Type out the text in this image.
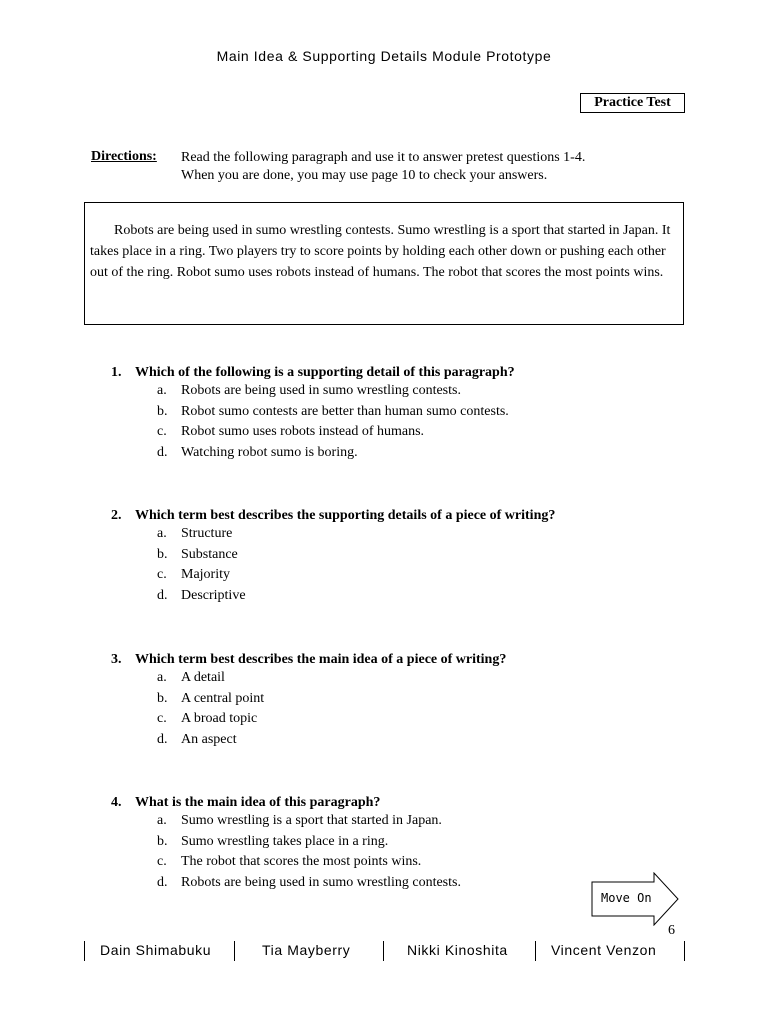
Main Idea & Supporting Details Module Prototype
Practice Test
Directions: Read the following paragraph and use it to answer pretest questions 1-4.
When you are done, you may use page 10 to check your answers.
Robots are being used in sumo wrestling contests. Sumo wrestling is a sport that started in Japan. It takes place in a ring. Two players try to score points by holding each other down or pushing each other out of the ring. Robot sumo uses robots instead of humans. The robot that scores the most points wins.
1. Which of the following is a supporting detail of this paragraph?
a. Robots are being used in sumo wrestling contests.
b. Robot sumo contests are better than human sumo contests.
c. Robot sumo uses robots instead of humans.
d. Watching robot sumo is boring.
2. Which term best describes the supporting details of a piece of writing?
a. Structure
b. Substance
c. Majority
d. Descriptive
3. Which term best describes the main idea of a piece of writing?
a. A detail
b. A central point
c. A broad topic
d. An aspect
4. What is the main idea of this paragraph?
a. Sumo wrestling is a sport that started in Japan.
b. Sumo wrestling takes place in a ring.
c. The robot that scores the most points wins.
d. Robots are being used in sumo wrestling contests.
Move On
6
Dain Shimabuku	Tia Mayberry	Nikki Kinoshita	Vincent Venzon
